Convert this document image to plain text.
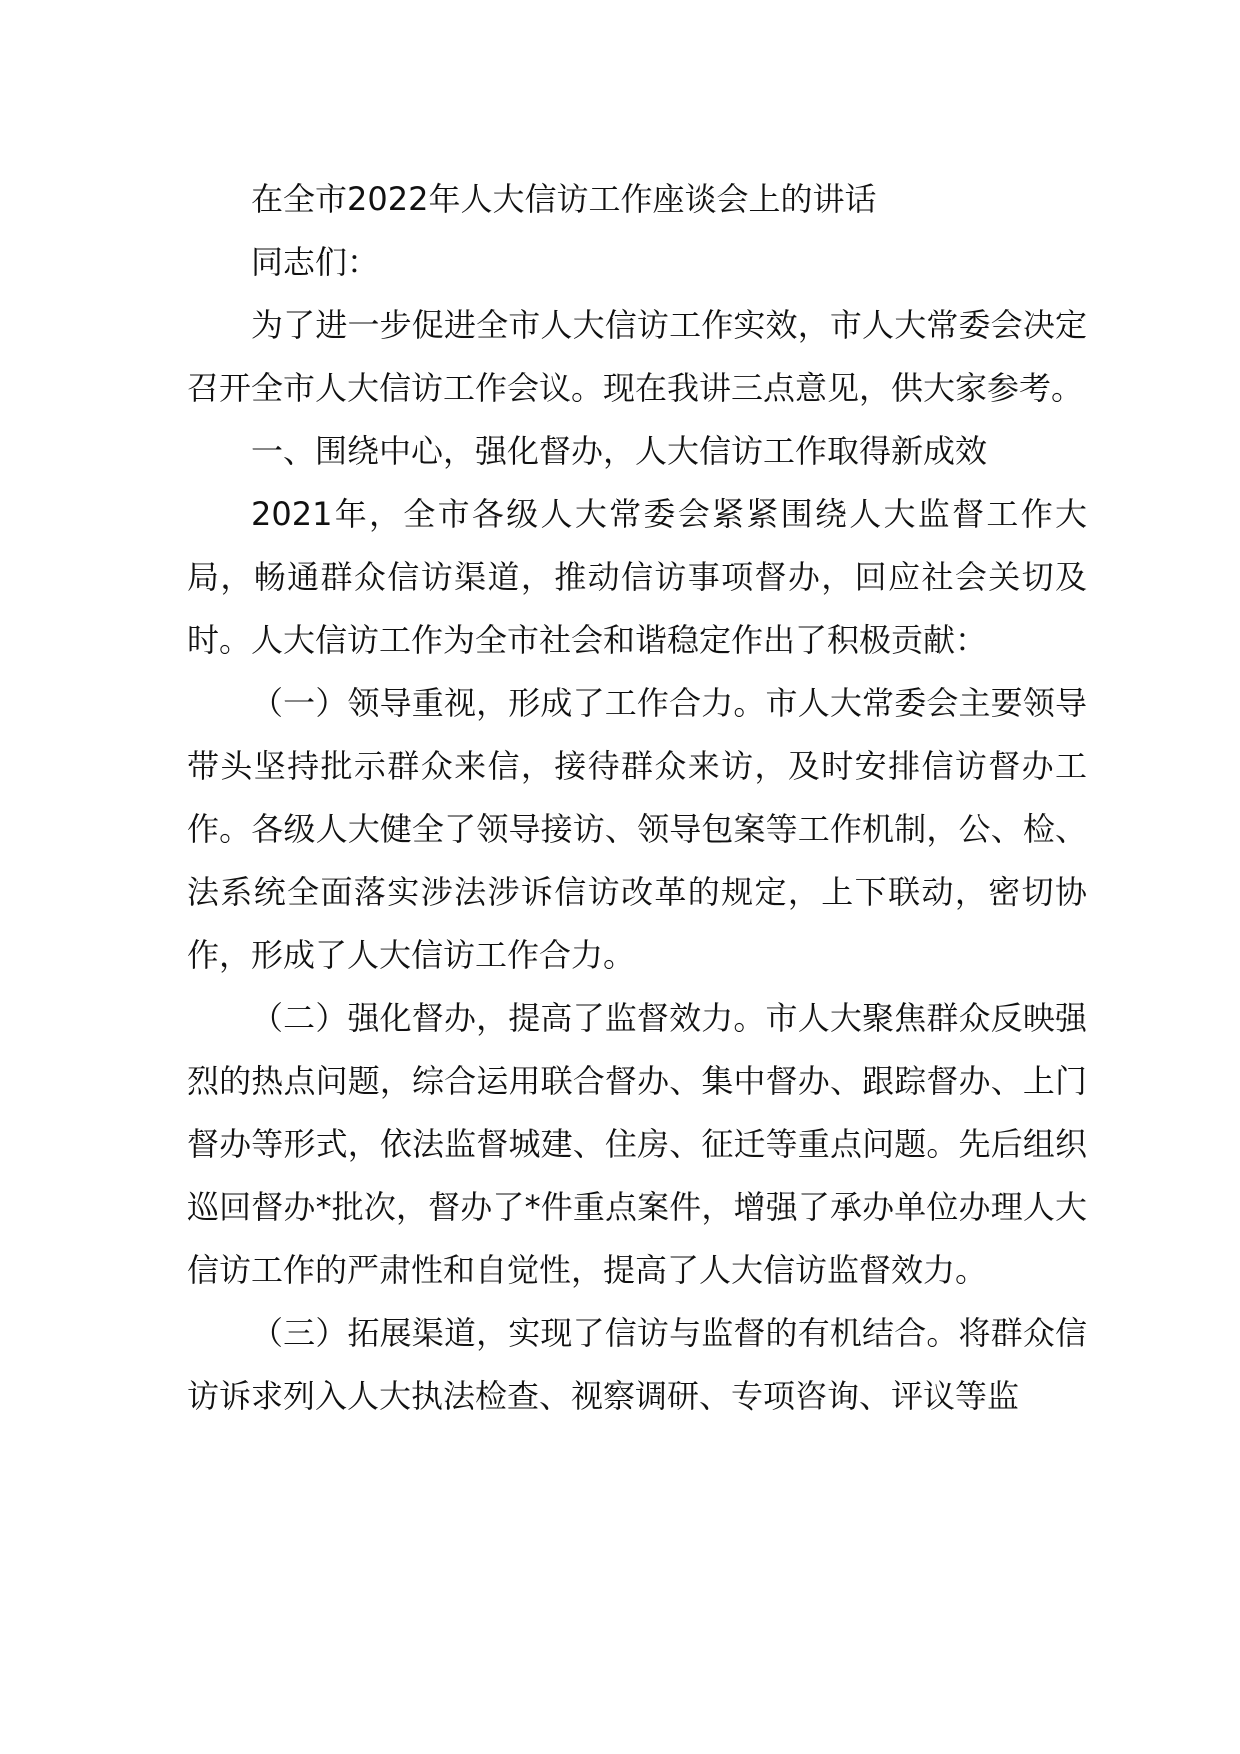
在全市2022年人大信访工作座谈会上的讲话

同志们：

为了进一步促进全市人大信访工作实效，市人大常委会决定召开全市人大信访工作会议。现在我讲三点意见，供大家参考。

一、围绕中心，强化督办，人大信访工作取得新成效

2021年，全市各级人大常委会紧紧围绕人大监督工作大局，畅通群众信访渠道，推动信访事项督办，回应社会关切及时。人大信访工作为全市社会和谐稳定作出了积极贡献：

（一）领导重视，形成了工作合力。市人大常委会主要领导带头坚持批示群众来信，接待群众来访，及时安排信访督办工作。各级人大健全了领导接访、领导包案等工作机制，公、检、法系统全面落实涉法涉诉信访改革的规定，上下联动，密切协作，形成了人大信访工作合力。

（二）强化督办，提高了监督效力。市人大聚焦群众反映强烈的热点问题，综合运用联合督办、集中督办、跟踪督办、上门督办等形式，依法监督城建、住房、征迁等重点问题。先后组织巡回督办*批次，督办了*件重点案件，增强了承办单位办理人大信访工作的严肃性和自觉性，提高了人大信访监督效力。

（三）拓展渠道，实现了信访与监督的有机结合。将群众信访诉求列入人大执法检查、视察调研、专项咨询、评议等监
